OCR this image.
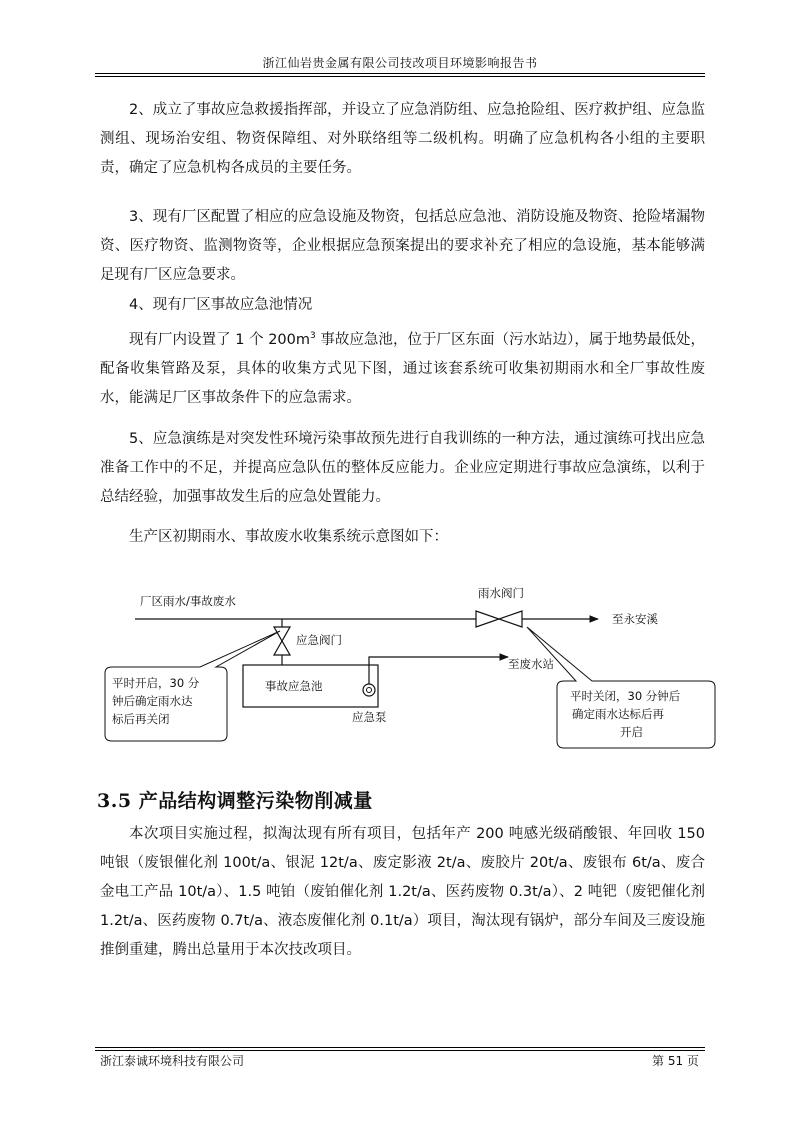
浙江仙岩贵金属有限公司技改项目环境影响报告书

2、成立了事故应急救援指挥部，并设立了应急消防组、应急抢险组、医疗救护组、应急监测组、现场治安组、物资保障组、对外联络组等二级机构。明确了应急机构各小组的主要职责，确定了应急机构各成员的主要任务。

3、现有厂区配置了相应的应急设施及物资，包括总应急池、消防设施及物资、抢险堵漏物资、医疗物资、监测物资等，企业根据应急预案提出的要求补充了相应的急设施，基本能够满足现有厂区应急要求。

4、现有厂区事故应急池情况

现有厂内设置了 1 个 $200m^3$ 事故应急池，位于厂区东面（污水站边），属于地势最低处，配备收集管路及泵，具体的收集方式见下图，通过该套系统可收集初期雨水和全厂事故性废水，能满足厂区事故条件下的应急需求。

5、应急演练是对突发性环境污染事故预先进行自我训练的一种方法，通过演练可找出应急准备工作中的不足，并提高应急队伍的整体反应能力。企业应定期进行事故应急演练，以利于总结经验，加强事故发生后的应急处置能力。

生产区初期雨水、事故废水收集系统示意图如下：

厂区雨水/事故废水
雨水阀门
至永安溪
应急阀门
事故应急池
应急泵
至废水站
平时开启，30 分
钟后确定雨水达
标后再关闭
平时关闭，30 分钟后
确定雨水达标后再
开启
3.5 产品结构调整污染物削减量

本次项目实施过程，拟淘汰现有所有项目，包括年产 200 吨感光级硝酸银、年回收 150 吨银（废银催化剂 100t/a、银泥 12t/a、废定影液 2t/a、废胶片 20t/a、废银布 6t/a、废合金电工产品 10t/a）、1.5 吨铂（废铂催化剂 1.2t/a、医药废物 0.3t/a）、2 吨钯（废钯催化剂 1.2t/a、医药废物 0.7t/a、液态废催化剂 0.1t/a）项目，淘汰现有锅炉，部分车间及三废设施推倒重建，腾出总量用于本次技改项目。

浙江泰诚环境科技有限公司	第 51 页
